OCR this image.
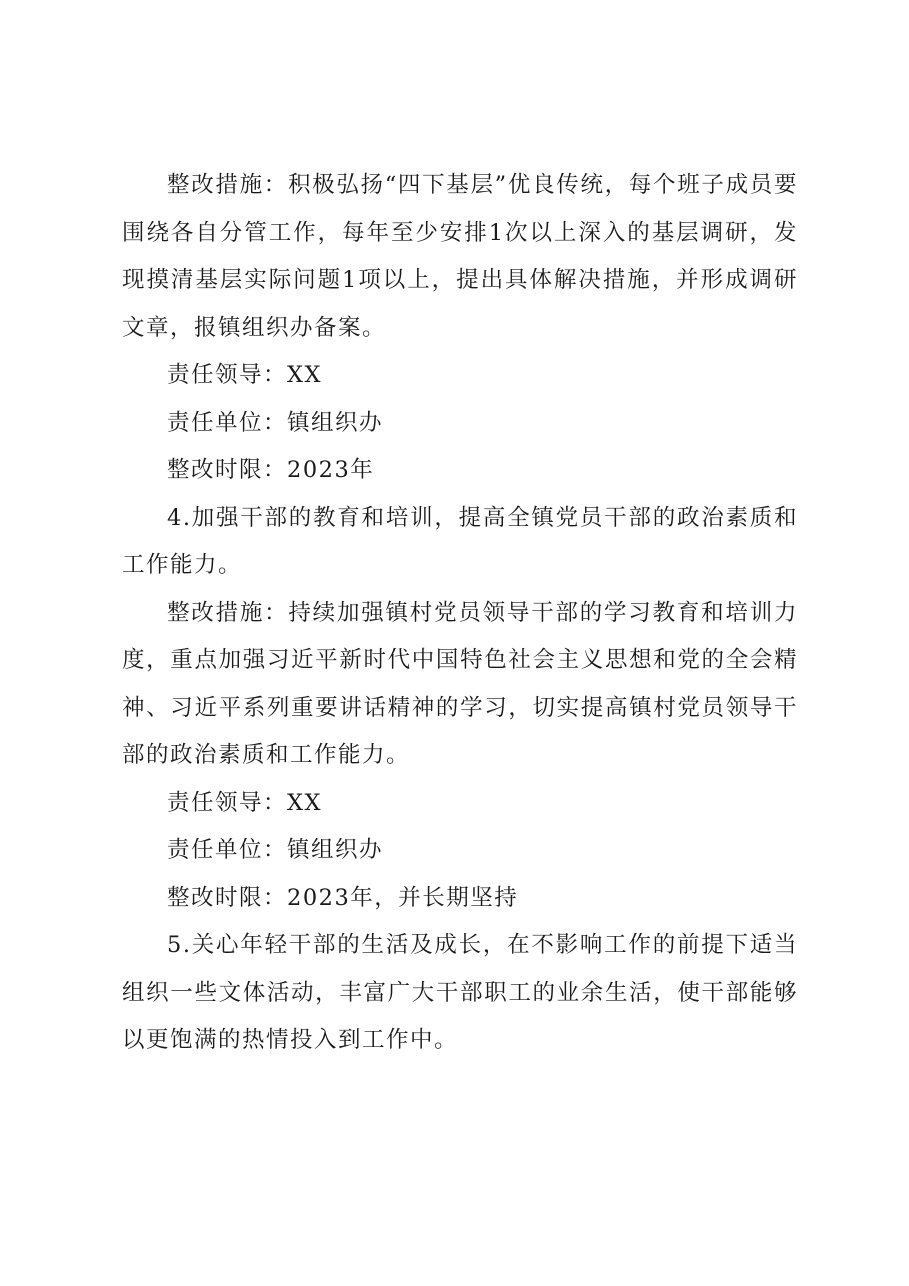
整改措施：积极弘扬“四下基层”优良传统，每个班子成员要围绕各自分管工作，每年至少安排1次以上深入的基层调研，发现摸清基层实际问题1项以上，提出具体解决措施，并形成调研文章，报镇组织办备案。

责任领导：XX

责任单位：镇组织办

整改时限：2023年

4.加强干部的教育和培训，提高全镇党员干部的政治素质和工作能力。

整改措施：持续加强镇村党员领导干部的学习教育和培训力度，重点加强习近平新时代中国特色社会主义思想和党的全会精神、习近平系列重要讲话精神的学习，切实提高镇村党员领导干部的政治素质和工作能力。

责任领导：XX

责任单位：镇组织办

整改时限：2023年，并长期坚持

5.关心年轻干部的生活及成长，在不影响工作的前提下适当组织一些文体活动，丰富广大干部职工的业余生活，使干部能够以更饱满的热情投入到工作中。
